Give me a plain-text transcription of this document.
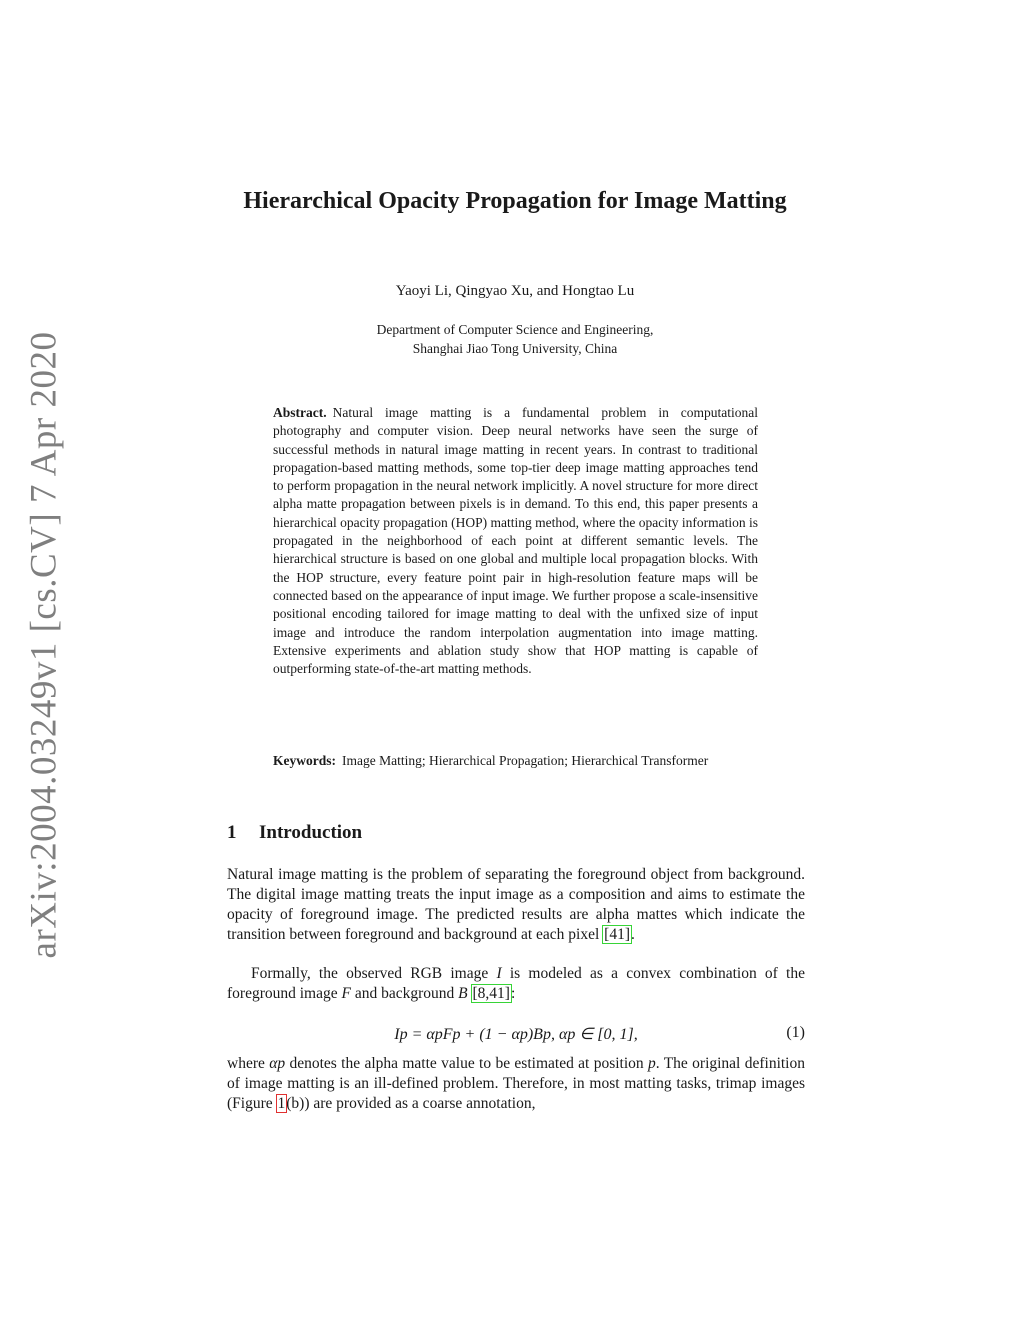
arXiv:2004.03249v1 [cs.CV] 7 Apr 2020
Hierarchical Opacity Propagation for Image Matting
Yaoyi Li, Qingyao Xu, and Hongtao Lu
Department of Computer Science and Engineering,
Shanghai Jiao Tong University, China
Abstract. Natural image matting is a fundamental problem in computational photography and computer vision. Deep neural networks have seen the surge of successful methods in natural image matting in recent years. In contrast to traditional propagation-based matting methods, some top-tier deep image matting approaches tend to perform propagation in the neural network implicitly. A novel structure for more direct alpha matte propagation between pixels is in demand. To this end, this paper presents a hierarchical opacity propagation (HOP) matting method, where the opacity information is propagated in the neighborhood of each point at different semantic levels. The hierarchical structure is based on one global and multiple local propagation blocks. With the HOP structure, every feature point pair in high-resolution feature maps will be connected based on the appearance of input image. We further propose a scale-insensitive positional encoding tailored for image matting to deal with the unfixed size of input image and introduce the random interpolation augmentation into image matting. Extensive experiments and ablation study show that HOP matting is capable of outperforming state-of-the-art matting methods.
Keywords: Image Matting; Hierarchical Propagation; Hierarchical Transformer
1 Introduction
Natural image matting is the problem of separating the foreground object from background. The digital image matting treats the input image as a composition and aims to estimate the opacity of foreground image. The predicted results are alpha mattes which indicate the transition between foreground and background at each pixel [41].
Formally, the observed RGB image I is modeled as a convex combination of the foreground image F and background B [8,41]:
Ip = αpFp + (1 − αp)Bp, αp ∈ [0, 1],	(1)
where αp denotes the alpha matte value to be estimated at position p. The original definition of image matting is an ill-defined problem. Therefore, in most matting tasks, trimap images (Figure 1(b)) are provided as a coarse annotation,
